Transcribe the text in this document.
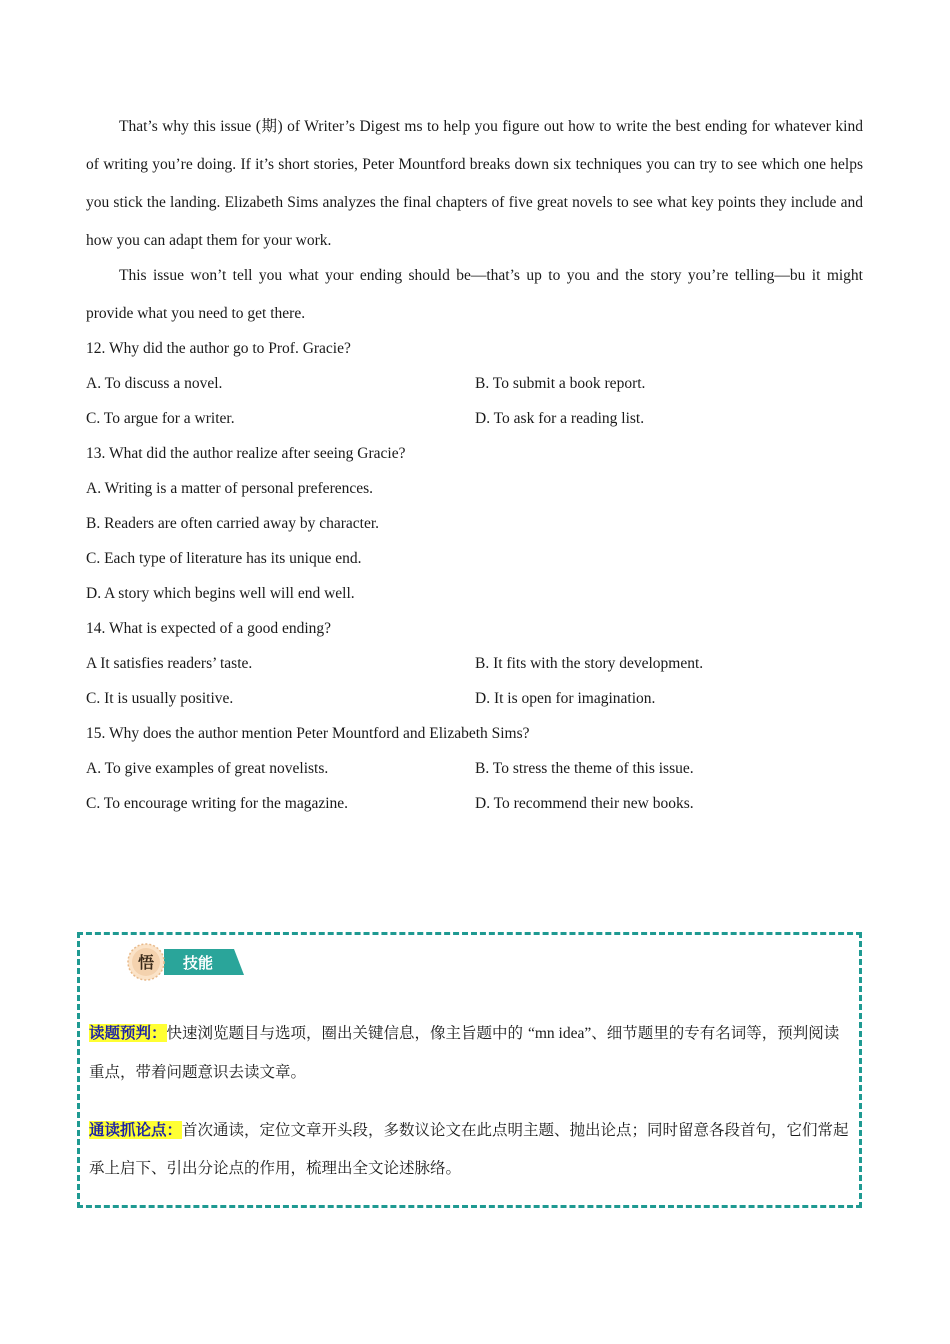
That’s why this issue (期) of Writer’s Digest ms to help you figure out how to write the best ending for whatever kind of writing you’re doing. If it’s short stories, Peter Mountford breaks down six techniques you can try to see which one helps you stick the landing. Elizabeth Sims analyzes the final chapters of five great novels to see what key points they include and how you can adapt them for your work.

This issue won’t tell you what your ending should be—that’s up to you and the story you’re telling—bu it might provide what you need to get there.

12. Why did the author go to Prof. Gracie?
A. To discuss a novel.	B. To submit a book report.
C. To argue for a writer.	D. To ask for a reading list.
13. What did the author realize after seeing Gracie?
A. Writing is a matter of personal preferences.
B. Readers are often carried away by character.
C. Each type of literature has its unique end.
D. A story which begins well will end well.
14. What is expected of a good ending?
A It satisfies readers’ taste.	B. It fits with the story development.
C. It is usually positive.	D. It is open for imagination.
15. Why does the author mention Peter Mountford and Elizabeth Sims?
A. To give examples of great novelists.	B. To stress the theme of this issue.
C. To encourage writing for the magazine.	D. To recommend their new books.
悟 技能

读题预判：快速浏览题目与选项，圈出关键信息，像主旨题中的 “mn idea”、细节题里的专有名词等，预判阅读重点，带着问题意识去读文章。

通读抓论点：首次通读，定位文章开头段，多数议论文在此点明主题、抛出论点；同时留意各段首句，它们常起承上启下、引出分论点的作用，梳理出全文论述脉络。
